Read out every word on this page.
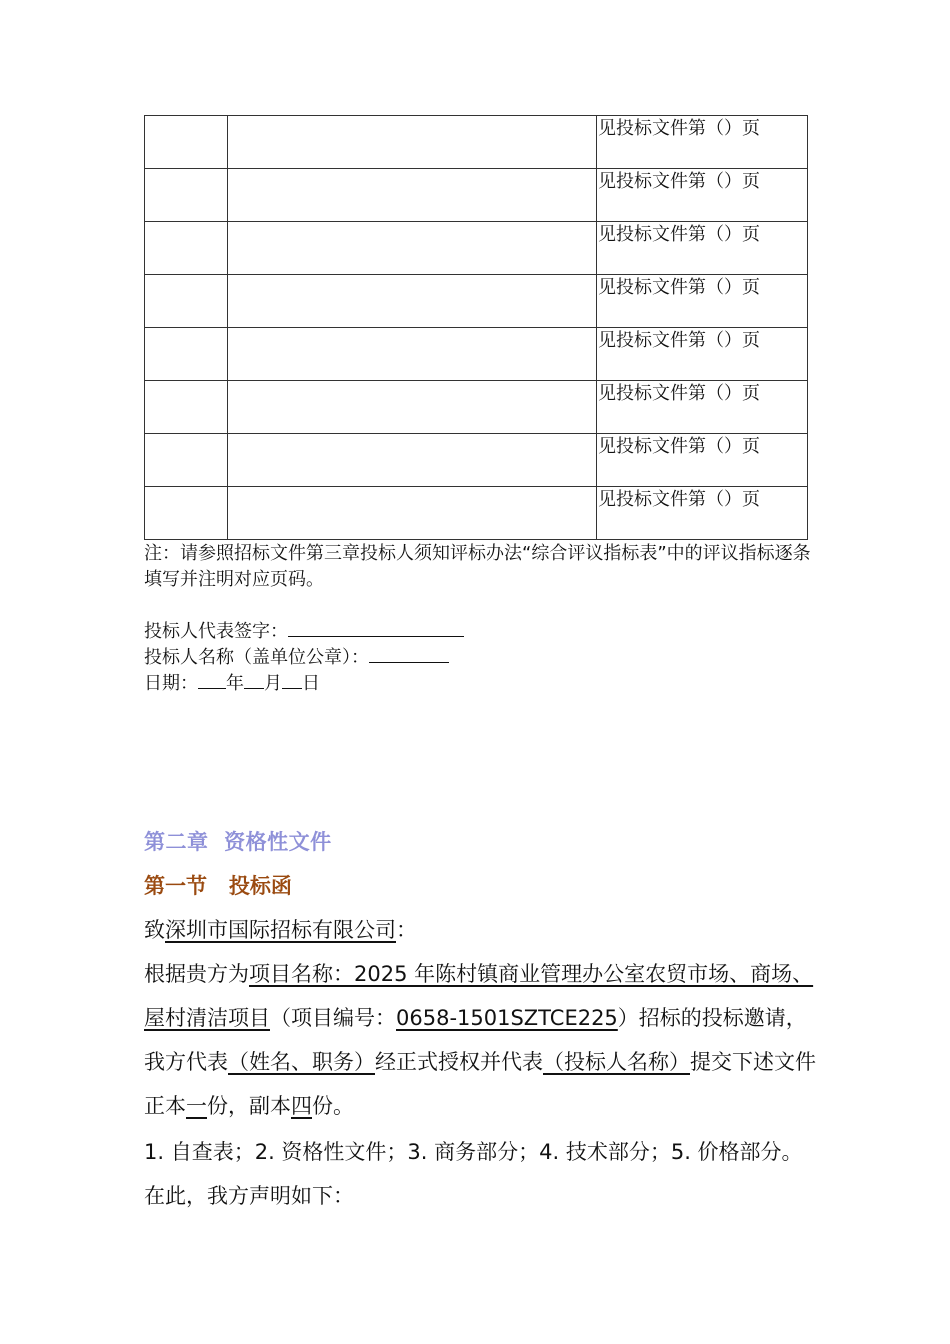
		见投标文件第（）页
		见投标文件第（）页
		见投标文件第（）页
		见投标文件第（）页
		见投标文件第（）页
		见投标文件第（）页
		见投标文件第（）页
		见投标文件第（）页
注：请参照招标文件第三章投标人须知评标办法“综合评议指标表”中的评议指标逐条填写并注明对应页码。
投标人代表签字：
投标人名称（盖单位公章）：
日期： 年 月 日
第二章  资格性文件
第一节   投标函
致深圳市国际招标有限公司：
根据贵方为项目名称：2025 年陈村镇商业管理办公室农贸市场、商场、屋村清洁项目（项目编号：0658-1501SZTCE225）招标的投标邀请，我方代表（姓名、职务）经正式授权并代表（投标人名称）提交下述文件正本一份，副本四份。
1. 自查表；2. 资格性文件；3. 商务部分；4. 技术部分；5. 价格部分。
在此，我方声明如下：
